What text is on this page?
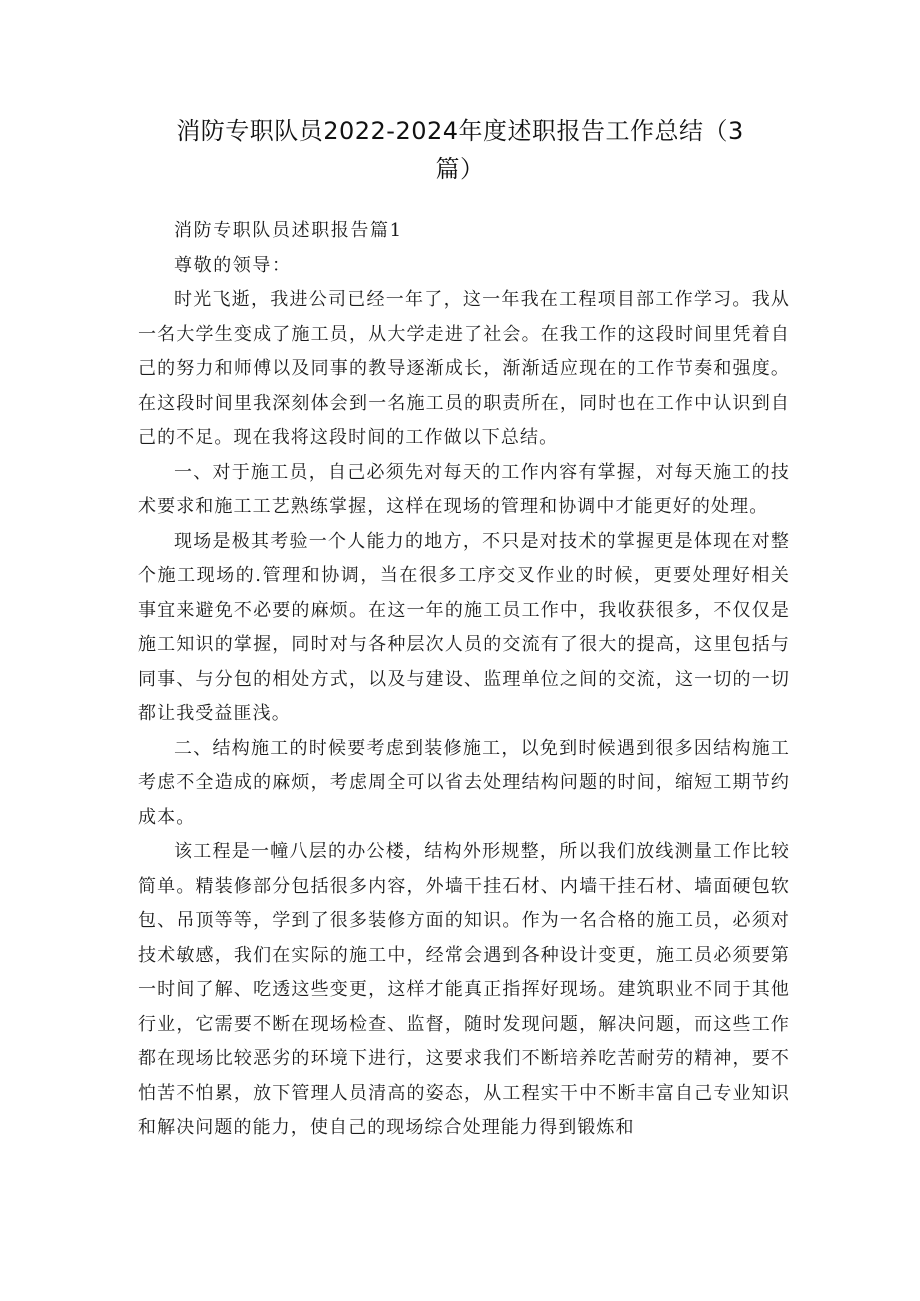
消防专职队员2022-2024年度述职报告工作总结（3篇）

消防专职队员述职报告篇1

尊敬的领导：

时光飞逝，我进公司已经一年了，这一年我在工程项目部工作学习。我从一名大学生变成了施工员，从大学走进了社会。在我工作的这段时间里凭着自己的努力和师傅以及同事的教导逐渐成长，渐渐适应现在的工作节奏和强度。在这段时间里我深刻体会到一名施工员的职责所在，同时也在工作中认识到自己的不足。现在我将这段时间的工作做以下总结。

一、对于施工员，自己必须先对每天的工作内容有掌握，对每天施工的技术要求和施工工艺熟练掌握，这样在现场的管理和协调中才能更好的处理。

现场是极其考验一个人能力的地方，不只是对技术的掌握更是体现在对整个施工现场的.管理和协调，当在很多工序交叉作业的时候，更要处理好相关事宜来避免不必要的麻烦。在这一年的施工员工作中，我收获很多，不仅仅是施工知识的掌握，同时对与各种层次人员的交流有了很大的提高，这里包括与同事、与分包的相处方式，以及与建设、监理单位之间的交流，这一切的一切都让我受益匪浅。

二、结构施工的时候要考虑到装修施工，以免到时候遇到很多因结构施工考虑不全造成的麻烦，考虑周全可以省去处理结构问题的时间，缩短工期节约成本。

该工程是一幢八层的办公楼，结构外形规整，所以我们放线测量工作比较简单。精装修部分包括很多内容，外墙干挂石材、内墙干挂石材、墙面硬包软包、吊顶等等，学到了很多装修方面的知识。作为一名合格的施工员，必须对技术敏感，我们在实际的施工中，经常会遇到各种设计变更，施工员必须要第一时间了解、吃透这些变更，这样才能真正指挥好现场。建筑职业不同于其他行业，它需要不断在现场检查、监督，随时发现问题，解决问题，而这些工作都在现场比较恶劣的环境下进行，这要求我们不断培养吃苦耐劳的精神，要不怕苦不怕累，放下管理人员清高的姿态，从工程实干中不断丰富自己专业知识和解决问题的能力，使自己的现场综合处理能力得到锻炼和
